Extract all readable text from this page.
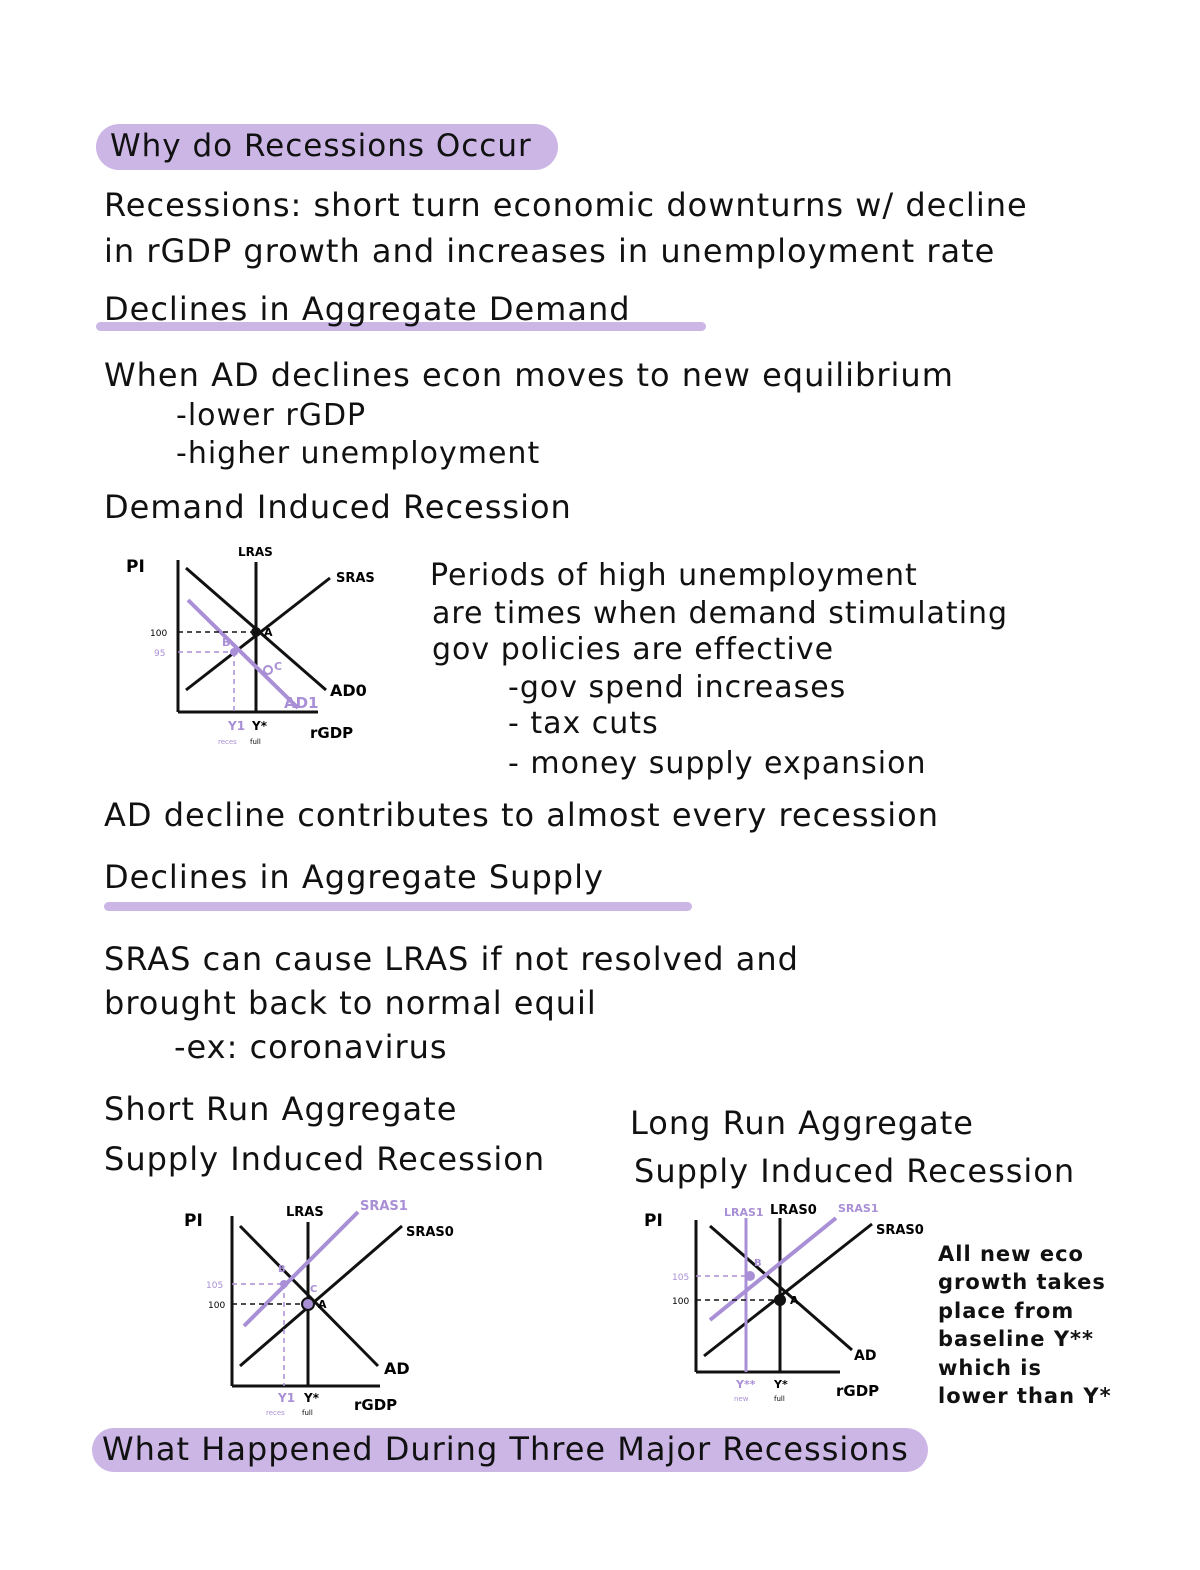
Why do Recessions Occur
Recessions: short turn economic downturns w/ decline
in rGDP growth and increases in unemployment rate
Declines in Aggregate Demand
When AD declines econ moves to new equilibrium
-lower rGDP
-higher unemployment
Demand Induced Recession
PI
LRAS
SRAS
AD0
AD1
A
B
C
100
95
Y1 Y*
reces full	rGDP
Periods of high unemployment
are times when demand stimulating
gov policies are effective
-gov spend increases
- tax cuts
- money supply expansion
AD decline contributes to almost every recession
Declines in Aggregate Supply
SRAS can cause LRAS if not resolved and
brought back to normal equil
-ex: coronavirus
Short Run Aggregate
Supply Induced Recession
Long Run Aggregate
Supply Induced Recession
PI	LRAS	SRAS1
SRAS0
AD
A
B
C
105
100
Y1 Y*
reces full	rGDP
PI	LRAS1 LRAS0 SRAS1
SRAS0
AD
A
B
105
100
Y** Y*
new	full	rGDP
All new eco
growth takes
place from
baseline Y**
which is
lower than Y*
What Happened During Three Major Recessions
